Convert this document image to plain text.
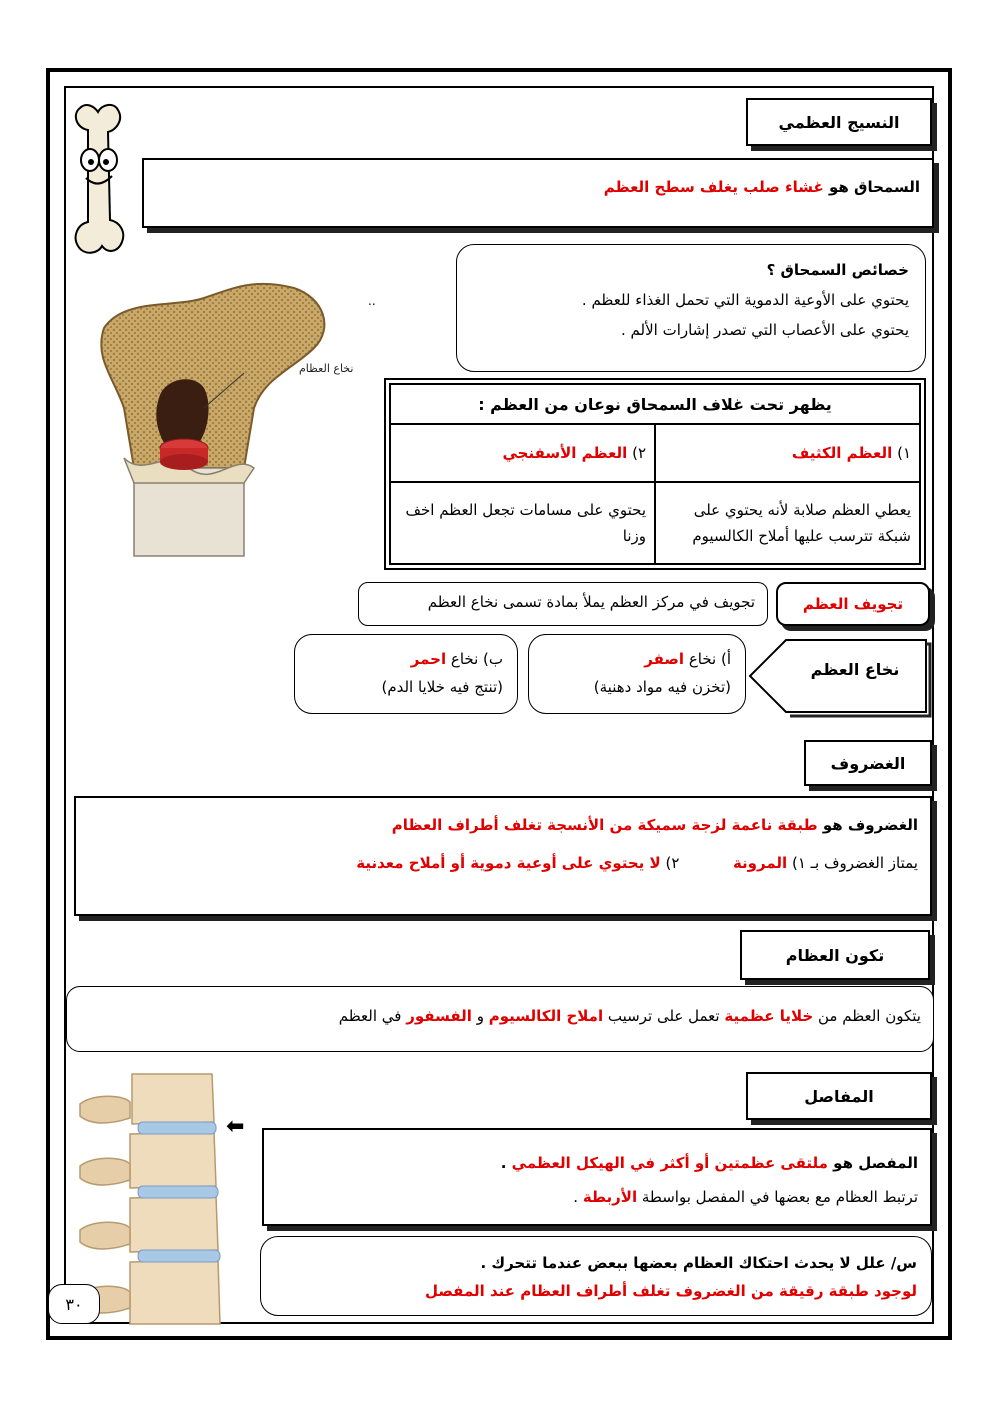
النسيج العظمي
السمحاق هو غشاء صلب يغلف سطح العظم
خصائص السمحاق ؟
يحتوي على الأوعية الدموية التي تحمل الغذاء للعظم .
يحتوي على الأعصاب التي تصدر إشارات الألم .
..
نخاع العظام
يظهر تحت غلاف السمحاق نوعان من العظم :	
١) العظم الكثيف	٢) العظم الأسفنجي
يعطي العظم صلابة لأنه يحتوي على شبكة تترسب عليها أملاح الكالسيوم	يحتوي على مسامات تجعل العظم اخف وزنا
تجويف العظم
تجويف في مركز العظم يملأ بمادة تسمى نخاع العظم
نخاع العظم
أ) نخاع اصفر
(تخزن فيه مواد دهنية)
ب) نخاع احمر
(تنتج فيه خلايا الدم)
الغضروف
الغضروف هو طبقة ناعمة لزجة سميكة من الأنسجة تغلف أطراف العظام
يمتاز الغضروف بـ ١) المرونة  ٢) لا يحتوي على أوعية دموية أو أملاح معدنية
تكون العظام
يتكون العظم من خلايا عظمية تعمل على ترسيب املاح الكالسيوم و الفسفور في العظم
⬅
المفاصل
المفصل هو ملتقى عظمتين أو أكثر في الهيكل العظمي .
ترتبط العظام مع بعضها في المفصل بواسطة الأربطة .
س/ علل لا يحدث احتكاك العظام بعضها ببعض عندما تتحرك .
لوجود طبقة رقيقة من الغضروف تغلف أطراف العظام عند المفصل
٣٠
